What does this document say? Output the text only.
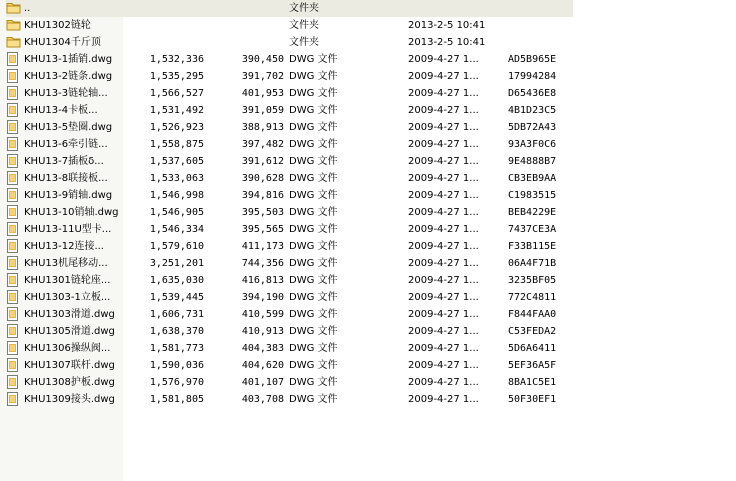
..	文件夹
KHU1302链轮	文件夹	2013-2-5 10:41
KHU1304千斤顶	文件夹	2013-2-5 10:41
KHU13-1插销.dwg	1,532,336	390,450 DWG 文件	2009-4-27 1...	AD5B965E
KHU13-2链条.dwg	1,535,295	391,702 DWG 文件	2009-4-27 1...	17994284
KHU13-3链轮轴...	1,566,527	401,953 DWG 文件	2009-4-27 1...	D65436E8
KHU13-4卡板...	1,531,492	391,059 DWG 文件	2009-4-27 1...	4B1D23C5
KHU13-5垫圈.dwg	1,526,923	388,913 DWG 文件	2009-4-27 1...	5DB72A43
KHU13-6牵引链...	1,558,875	397,482 DWG 文件	2009-4-27 1...	93A3F0C6
KHU13-7插板δ...	1,537,605	391,612 DWG 文件	2009-4-27 1...	9E4888B7
KHU13-8联接板...	1,533,063	390,628 DWG 文件	2009-4-27 1...	CB3EB9AA
KHU13-9销轴.dwg	1,546,998	394,816 DWG 文件	2009-4-27 1...	C1983515
KHU13-10销轴.dwg	1,546,905	395,503 DWG 文件	2009-4-27 1...	BEB4229E
KHU13-11U型卡...	1,546,334	395,565 DWG 文件	2009-4-27 1...	7437CE3A
KHU13-12连接...	1,579,610	411,173 DWG 文件	2009-4-27 1...	F33B115E
KHU13机尾移动...	3,251,201	744,356 DWG 文件	2009-4-27 1...	06A4F71B
KHU1301链轮座...	1,635,030	416,813 DWG 文件	2009-4-27 1...	3235BF05
KHU1303-1立板...	1,539,445	394,190 DWG 文件	2009-4-27 1...	772C4811
KHU1303滑道.dwg	1,606,731	410,599 DWG 文件	2009-4-27 1...	F844FAA0
KHU1305滑道.dwg	1,638,370	410,913 DWG 文件	2009-4-27 1...	C53FEDA2
KHU1306操纵阀...	1,581,773	404,383 DWG 文件	2009-4-27 1...	5D6A6411
KHU1307联杆.dwg	1,590,036	404,620 DWG 文件	2009-4-27 1...	5EF36A5F
KHU1308护板.dwg	1,576,970	401,107 DWG 文件	2009-4-27 1...	8BA1C5E1
KHU1309接头.dwg	1,581,805	403,708 DWG 文件	2009-4-27 1...	50F30EF1
